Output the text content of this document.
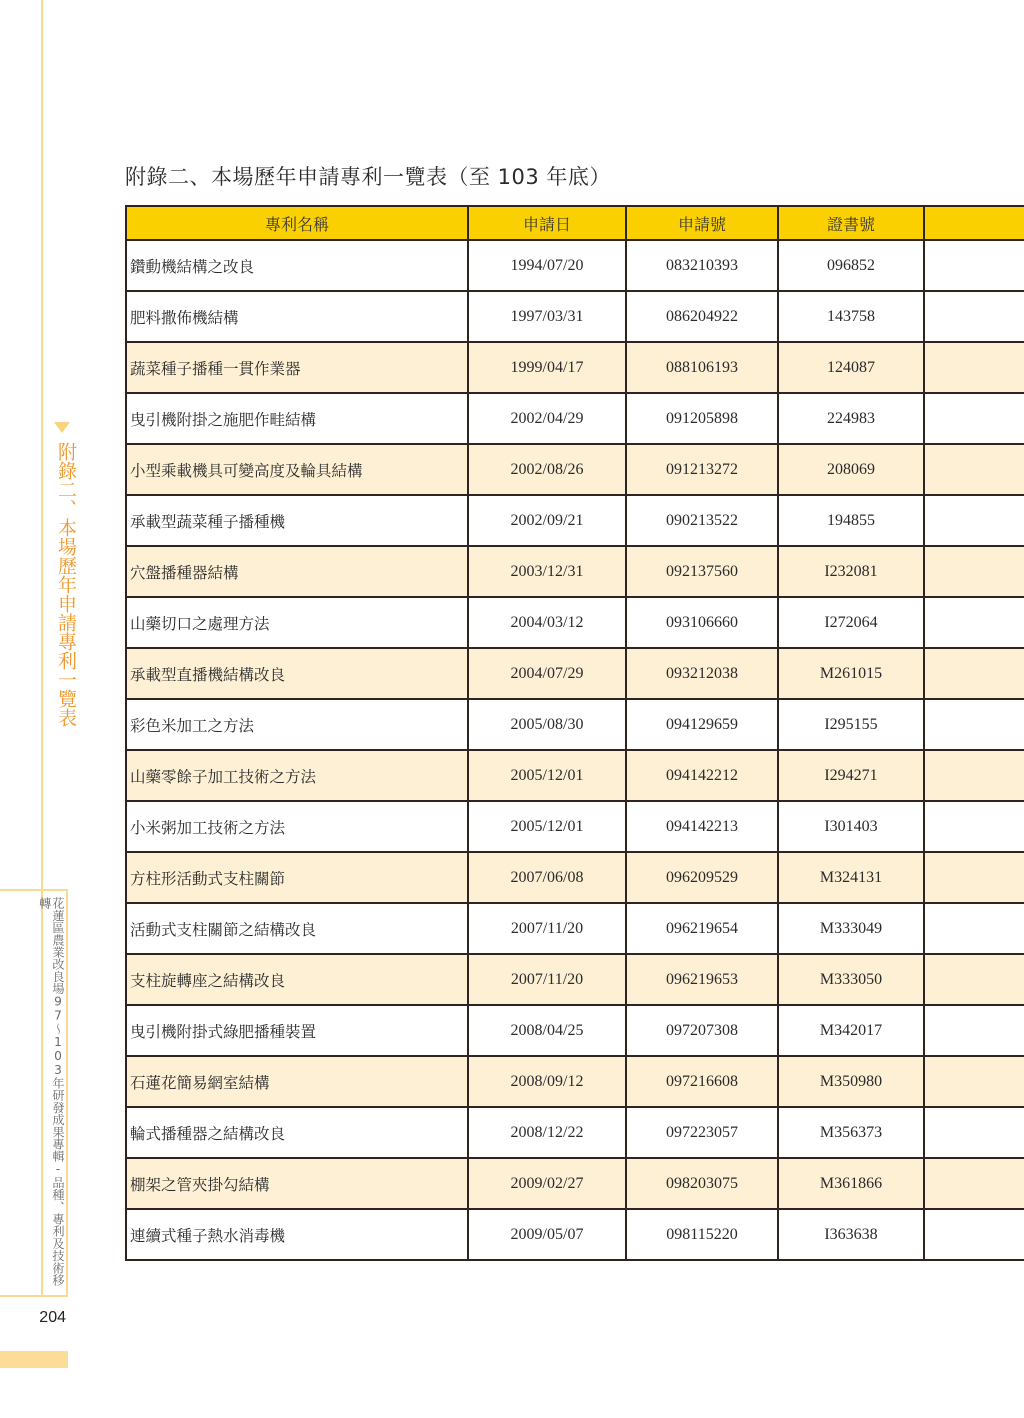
附錄二、本場歷年申請專利一覽表
花蓮區農業改良場97～103年研發成果專輯-品種、專利及技術移轉
204
附錄二、本場歷年申請專利一覽表（至 103 年底）
專利名稱	申請日	申請號	證書號	
鑽動機結構之改良	1994/07/20	083210393	096852	
肥料撒佈機結構	1997/03/31	086204922	143758	
蔬菜種子播種一貫作業器	1999/04/17	088106193	124087	
曳引機附掛之施肥作畦結構	2002/04/29	091205898	224983	
小型乘載機具可變高度及輪具結構	2002/08/26	091213272	208069	
承載型蔬菜種子播種機	2002/09/21	090213522	194855	
穴盤播種器結構	2003/12/31	092137560	I232081	
山藥切口之處理方法	2004/03/12	093106660	I272064	
承載型直播機結構改良	2004/07/29	093212038	M261015	
彩色米加工之方法	2005/08/30	094129659	I295155	
山藥零餘子加工技術之方法	2005/12/01	094142212	I294271	
小米粥加工技術之方法	2005/12/01	094142213	I301403	
方柱形活動式支柱關節	2007/06/08	096209529	M324131	
活動式支柱關節之結構改良	2007/11/20	096219654	M333049	
支柱旋轉座之結構改良	2007/11/20	096219653	M333050	
曳引機附掛式綠肥播種裝置	2008/04/25	097207308	M342017	
石蓮花簡易網室結構	2008/09/12	097216608	M350980	
輪式播種器之結構改良	2008/12/22	097223057	M356373	
棚架之管夾掛勾結構	2009/02/27	098203075	M361866	
連續式種子熱水消毒機	2009/05/07	098115220	I363638	
